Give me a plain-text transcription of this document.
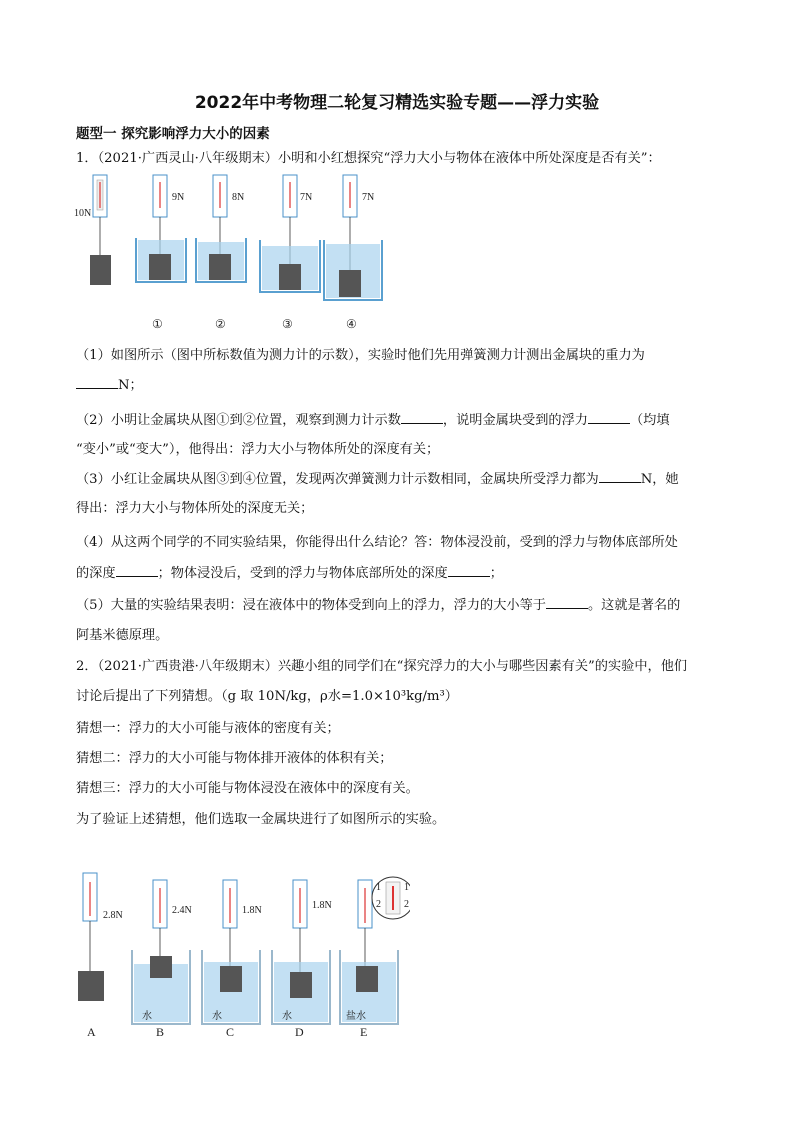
2022年中考物理二轮复习精选实验专题——浮力实验
题型一 探究影响浮力大小的因素
1．（2021·广西灵山·八年级期末）小明和小红想探究“浮力大小与物体在液体中所处深度是否有关”：
10N
9N	8N	7N	7N
①	②	③	④
（1）如图所示（图中所标数值为测力计的示数），实验时他们先用弹簧测力计测出金属块的重力为
N；
（2）小明让金属块从图①到②位置，观察到测力计示数	，说明金属块受到的浮力	（均填
“变小”或“变大”），他得出：浮力大小与物体所处的深度有关；
（3）小红让金属块从图③到④位置，发现两次弹簧测力计示数相同，金属块所受浮力都为	N，她
得出：浮力大小与物体所处的深度无关；
（4）从这两个同学的不同实验结果，你能得出什么结论？答：物体浸没前，受到的浮力与物体底部所处
的深度	；物体浸没后，受到的浮力与物体底部所处的深度	；
（5）大量的实验结果表明：浸在液体中的物体受到向上的浮力，浮力的大小等于	。这就是著名的
阿基米德原理。
2．（2021·广西贵港·八年级期末）兴趣小组的同学们在“探究浮力的大小与哪些因素有关”的实验中，他们
讨论后提出了下列猜想。（g 取 10N/kg，ρ水=1.0×10³kg/m³）
猜想一：浮力的大小可能与液体的密度有关；
猜想二：浮力的大小可能与物体排开液体的体积有关；
猜想三：浮力的大小可能与物体浸没在液体中的深度有关。
为了验证上述猜想，他们选取一金属块进行了如图所示的实验。
2.8N	2.4N
水
1.8N
水
1.8N
水	盐水
1
2
1
2
A	B	C	D	E
